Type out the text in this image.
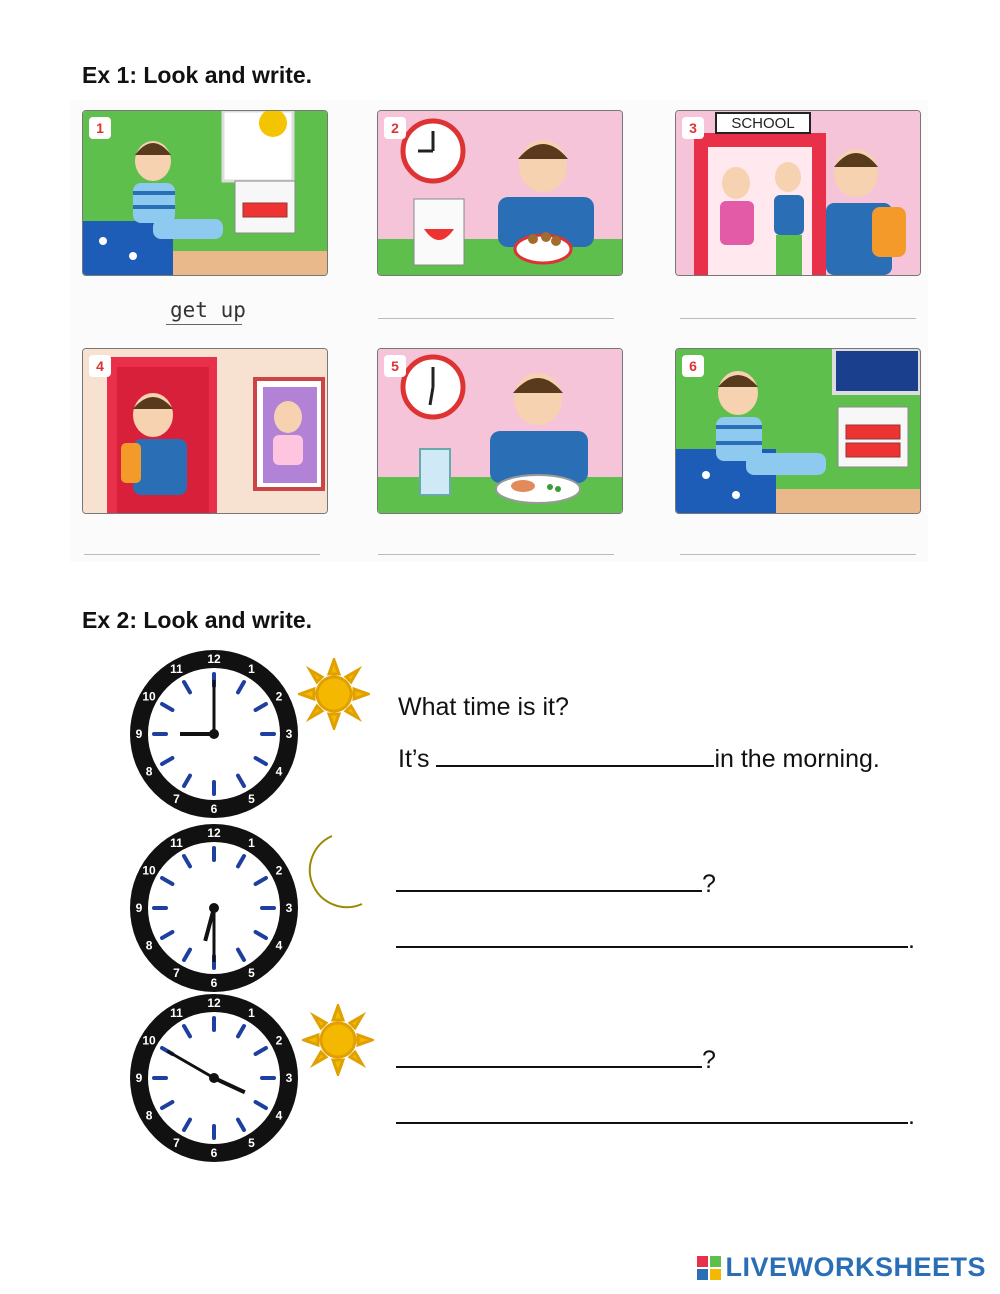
Ex 1: Look and write.
1	2	SCHOOL
3
4	5	6
get up
Ex 2: Look and write.
12
1
2
3
4
5
6
7
8
9
10
11
12
1
2
3
4
5
6
7
8
9
10
11
12
1
2
3
4
5
6
7
8
9
10
11
What time is it?
It’s	in the morning.
?
.
?
.
LIVEWORKSHEETS
